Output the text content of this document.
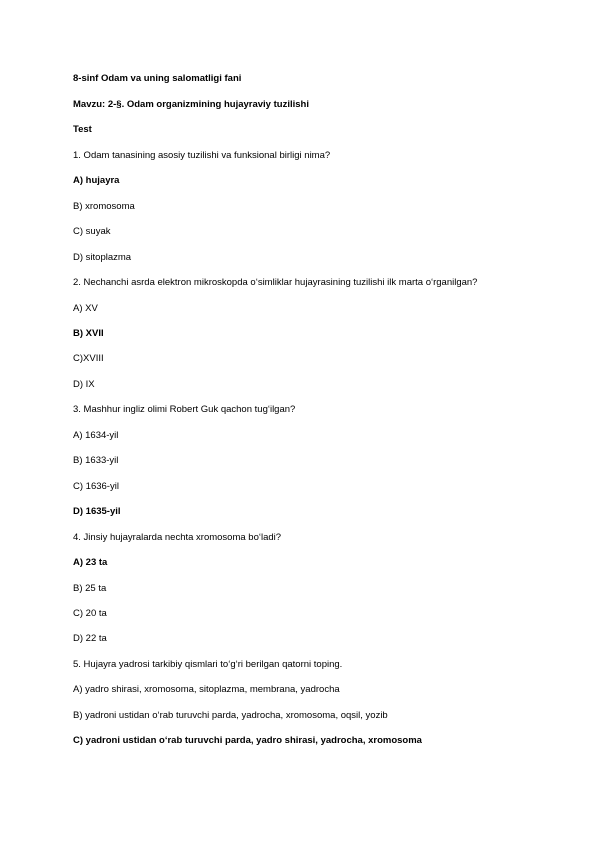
8-sinf Odam va uning salomatligi fani
Mavzu: 2-§. Odam organizmining hujayraviy tuzilishi
Test
1. Odam tanasining asosiy tuzilishi va funksional birligi nima?
A) hujayra
B) xromosoma
C) suyak
D) sitoplazma
2. Nechanchi asrda elektron mikroskopda o‘simliklar hujayrasining tuzilishi ilk marta o‘rganilgan?
A) XV
B) XVII
C)XVIII
D) IX
3. Mashhur ingliz olimi Robert Guk qachon tug‘ilgan?
A) 1634-yil
B) 1633-yil
C) 1636-yil
D) 1635-yil
4. Jinsiy hujayralarda nechta xromosoma bo‘ladi?
A) 23 ta
B) 25 ta
C) 20 ta
D) 22 ta
5. Hujayra yadrosi tarkibiy qismlari to‘g‘ri berilgan qatorni toping.
A) yadro shirasi, xromosoma, sitoplazma, membrana, yadrocha
B) yadroni ustidan o‘rab turuvchi parda, yadrocha, xromosoma, oqsil, yozib
C) yadroni ustidan o‘rab turuvchi parda, yadro shirasi, yadrocha, xromosoma
